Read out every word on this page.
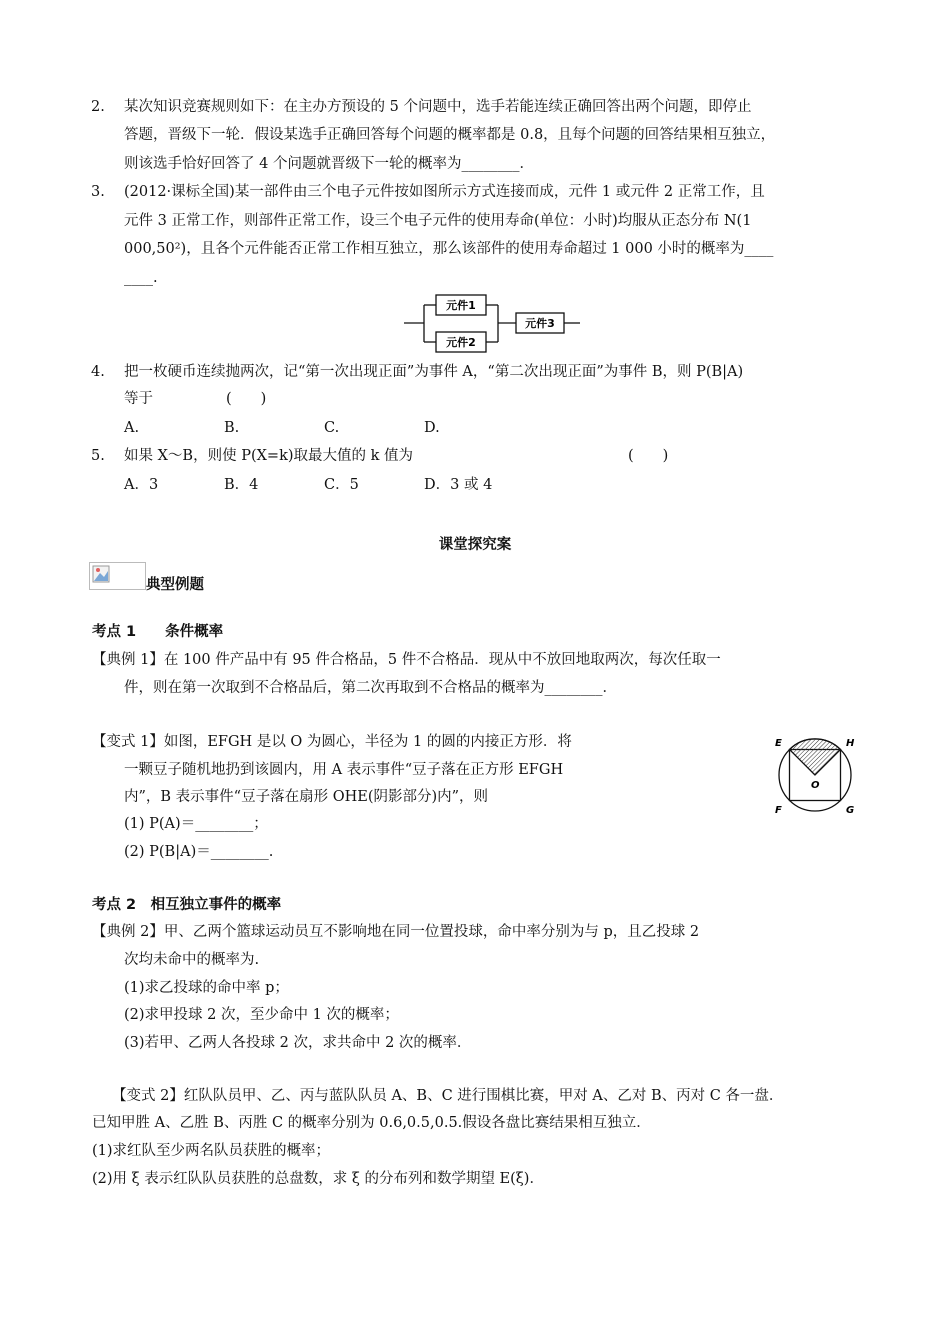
2. 某次知识竞赛规则如下：在主办方预设的 5 个问题中，选手若能连续正确回答出两个问题，即停止
答题，晋级下一轮．假设某选手正确回答每个问题的概率都是 0.8，且每个问题的回答结果相互独立，
则该选手恰好回答了 4 个问题就晋级下一轮的概率为________．
3. (2012·课标全国)某一部件由三个电子元件按如图所示方式连接而成，元件 1 或元件 2 正常工作，且
元件 3 正常工作，则部件正常工作，设三个电子元件的使用寿命(单位：小时)均服从正态分布 N(1
000,50²)，且各个元件能否正常工作相互独立，那么该部件的使用寿命超过 1 000 小时的概率为____
____.
元件1
元件2
元件3
4. 把一枚硬币连续抛两次，记“第一次出现正面”为事件 A，“第二次出现正面”为事件 B，则 P(B|A)
等于	(　　)
A.	B.	C.	D.
5. 如果 X～B，则使 P(X=k)取最大值的 k 值为	(　　)
A．3	B．4	C．5	D．3 或 4
课堂探究案
典型例题
考点 1　　条件概率
【典例 1】在 100 件产品中有 95 件合格品，5 件不合格品．现从中不放回地取两次，每次任取一
件，则在第一次取到不合格品后，第二次再取到不合格品的概率为________．
【变式 1】如图，EFGH 是以 O 为圆心，半径为 1 的圆的内接正方形．将
一颗豆子随机地扔到该圆内，用 A 表示事件“豆子落在正方形 EFGH
内”，B 表示事件“豆子落在扇形 OHE(阴影部分)内”，则
(1) P(A)＝________；
(2) P(B|A)＝________.
E	H
O
F	G
考点 2　相互独立事件的概率
【典例 2】甲、乙两个篮球运动员互不影响地在同一位置投球，命中率分别为与 p，且乙投球 2
次均未命中的概率为.
(1)求乙投球的命中率 p；
(2)求甲投球 2 次，至少命中 1 次的概率；
(3)若甲、乙两人各投球 2 次，求共命中 2 次的概率．
【变式 2】红队队员甲、乙、丙与蓝队队员 A、B、C 进行围棋比赛，甲对 A、乙对 B、丙对 C 各一盘．
已知甲胜 A、乙胜 B、丙胜 C 的概率分别为 0.6,0.5,0.5.假设各盘比赛结果相互独立．
(1)求红队至少两名队员获胜的概率；
(2)用 ξ 表示红队队员获胜的总盘数，求 ξ 的分布列和数学期望 E(ξ)．
